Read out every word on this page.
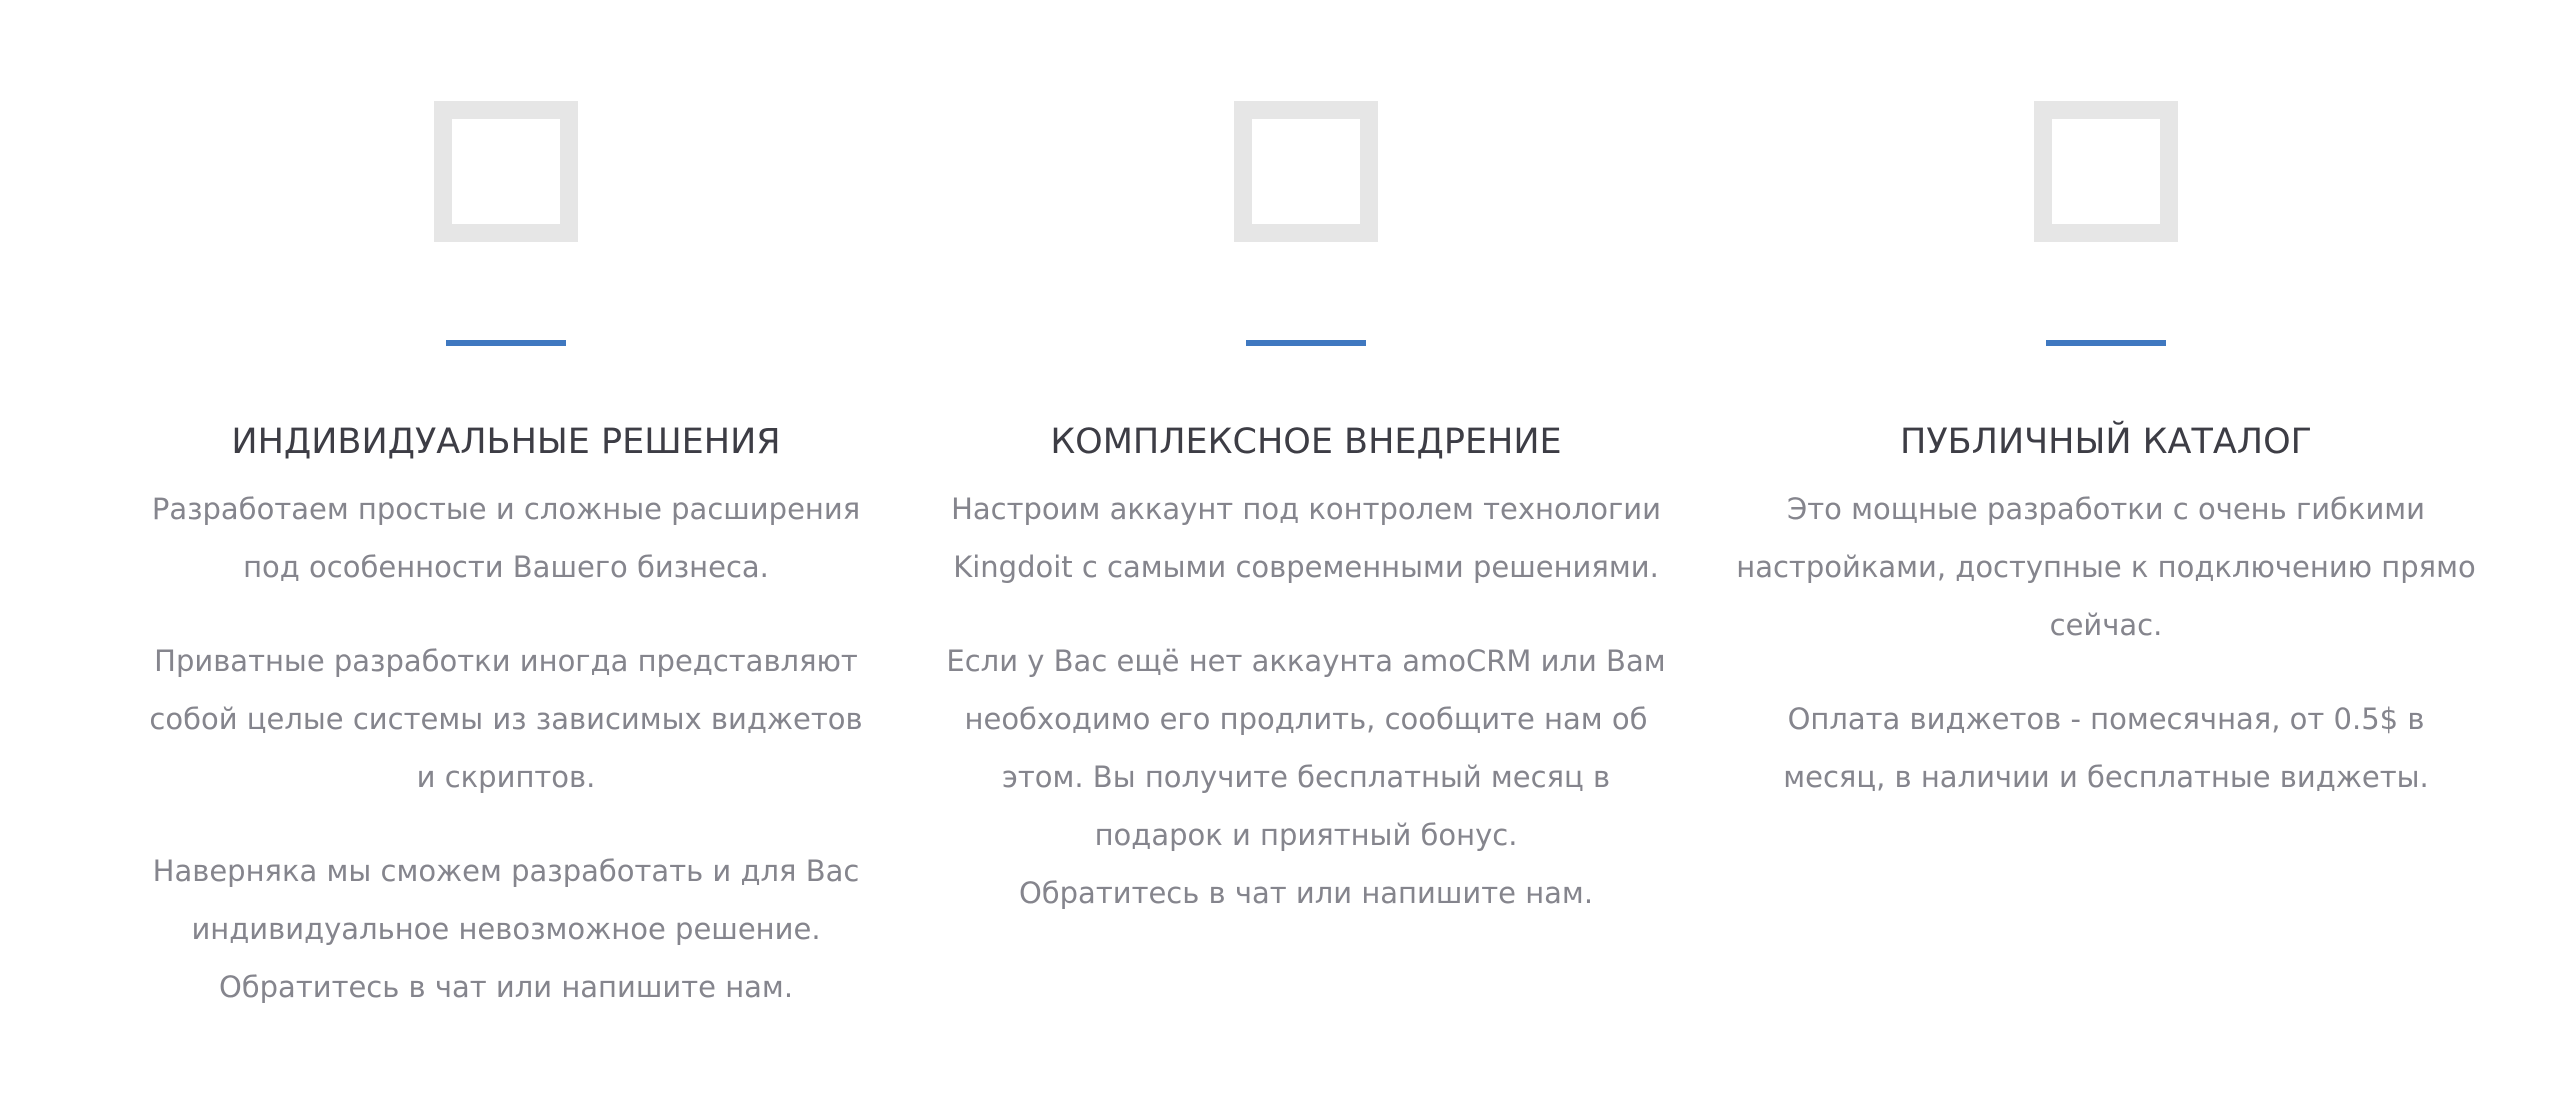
ИНДИВИДУАЛЬНЫЕ РЕШЕНИЯ

Разработаем простые и сложные расширения под особенности Вашего бизнеса.

Приватные разработки иногда представляют собой целые системы из зависимых виджетов и скриптов.

Наверняка мы сможем разработать и для Вас индивидуальное невозможное решение.

Обратитесь в чат или напишите нам.

КОМПЛЕКСНОЕ ВНЕДРЕНИЕ

Настроим аккаунт под контролем технологии Kingdoit с самыми современными решениями.

Если у Вас ещё нет аккаунта amoCRM или Вам необходимо его продлить, сообщите нам об этом. Вы получите бесплатный месяц в подарок и приятный бонус.

Обратитесь в чат или напишите нам.

ПУБЛИЧНЫЙ КАТАЛОГ

Это мощные разработки с очень гибкими настройками, доступные к подключению прямо сейчас.

Оплата виджетов - помесячная, от 0.5$ в месяц, в наличии и бесплатные виджеты.
